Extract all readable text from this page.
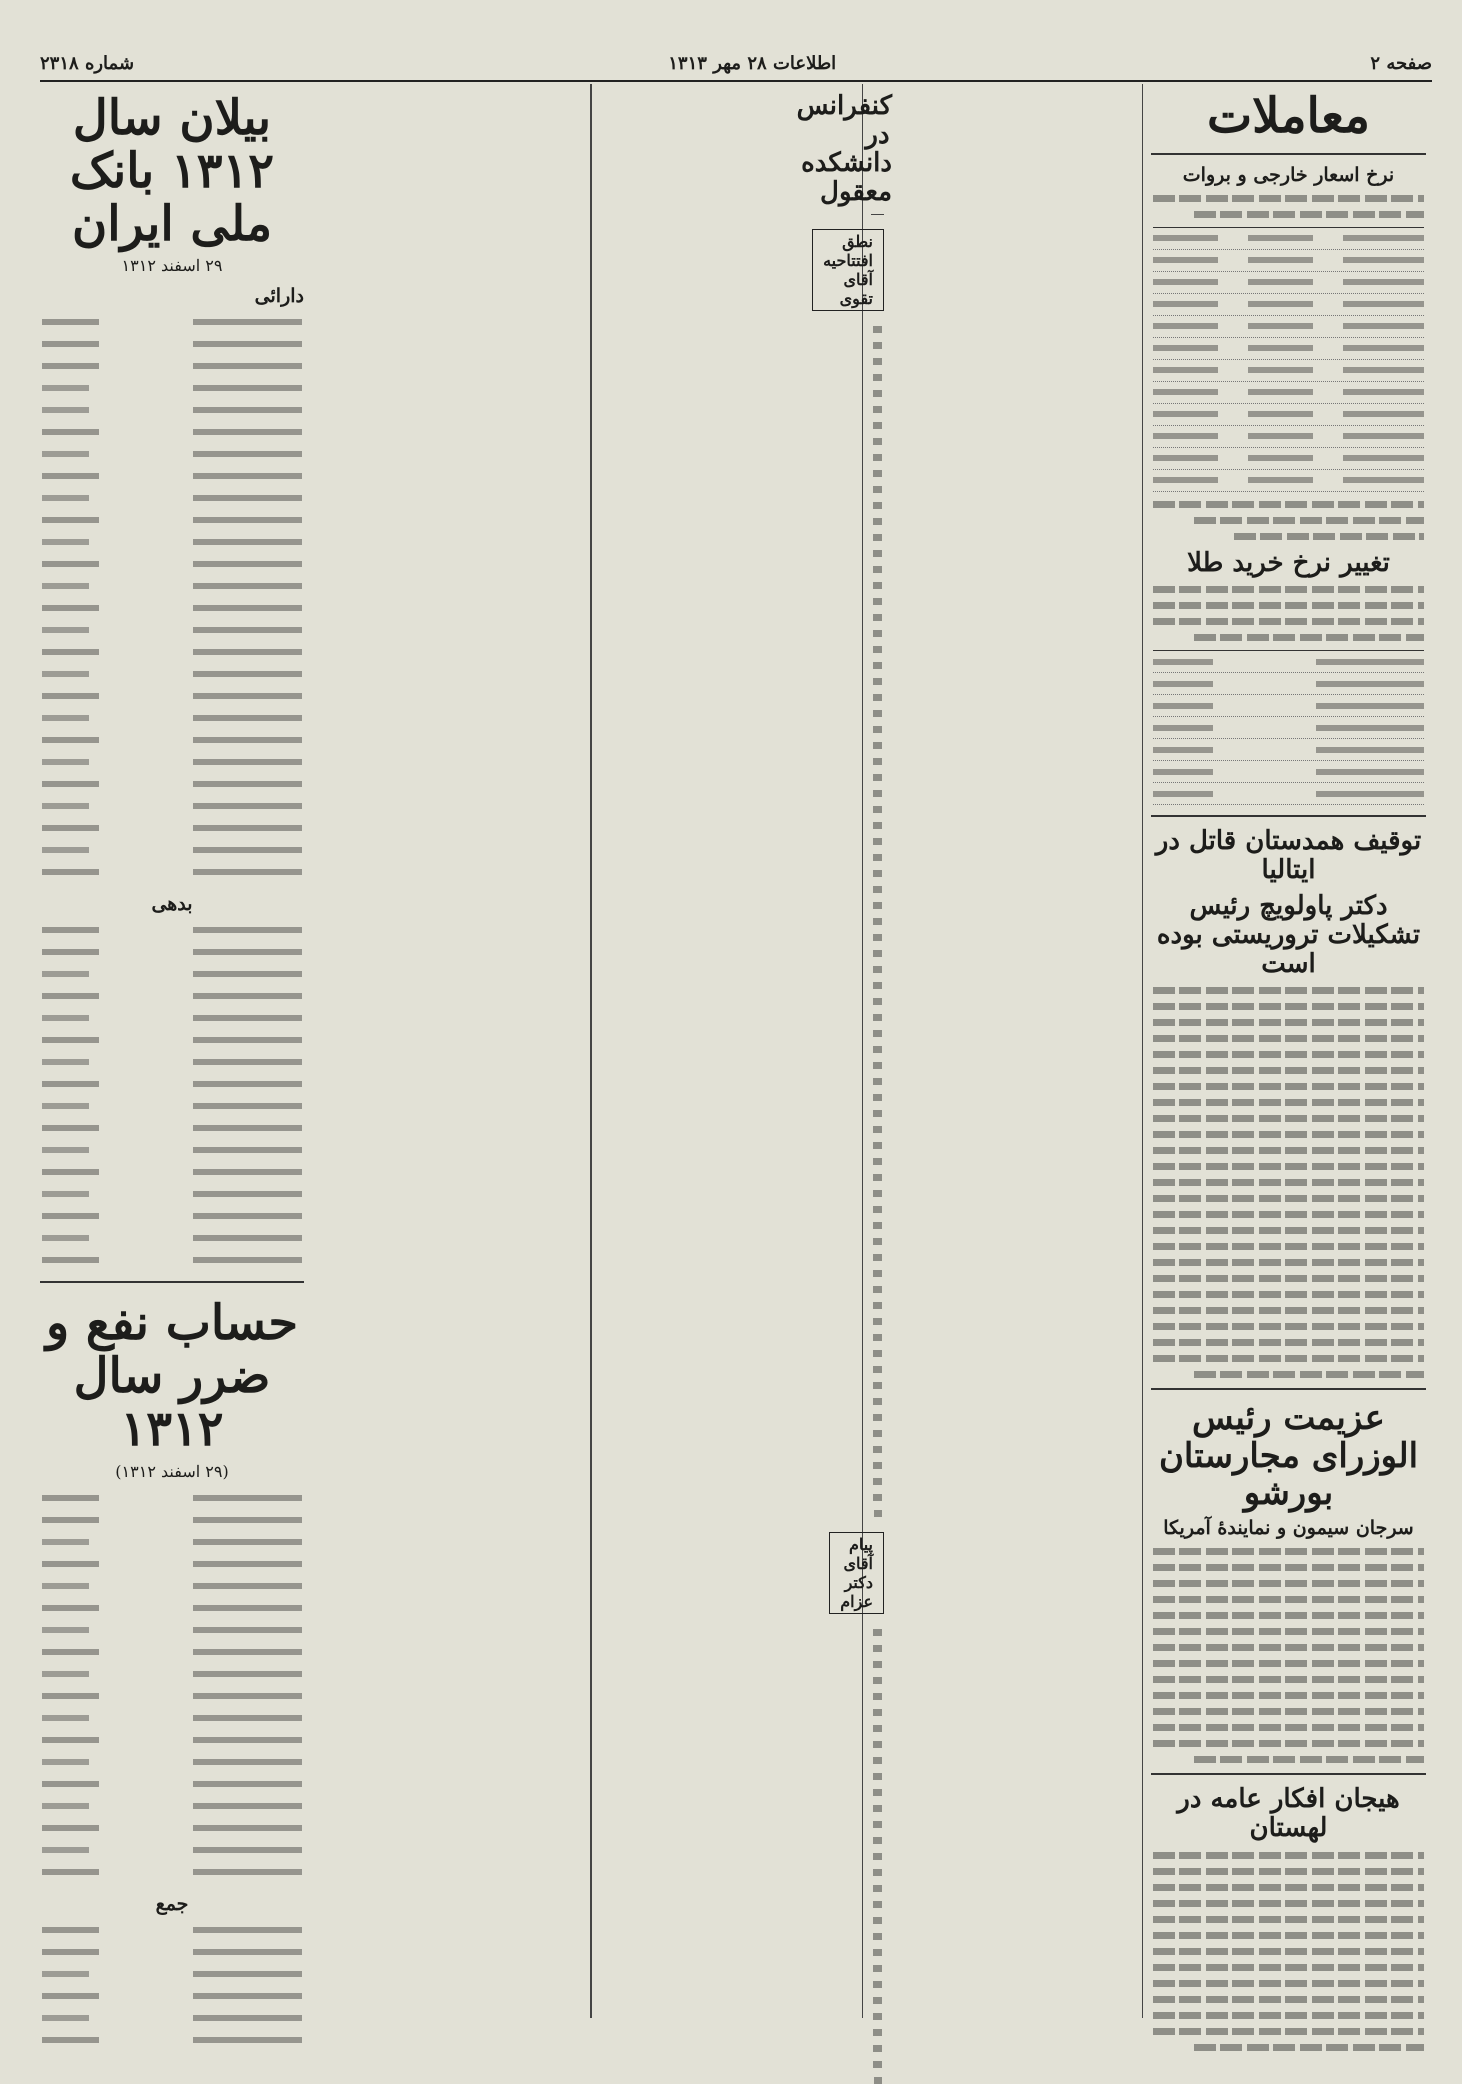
صفحه ۲
اطلاعات ۲۸ مهر ۱۳۱۳
شماره ۲۳۱۸
معاملات
نرخ اسعار خارجی و بروات
تغییر نرخ خرید طلا
توقیف همدستان قاتل در ایتالیا
دکتر پاولویچ رئیس تشکیلات تروریستی بوده است
عزیمت رئیس الوزرای مجارستان بورشو
سرجان سیمون و نمایندهٔ آمریکا
هیجان افکار عامه در لهستان
کنفرانس در دانشکده معقول
نطق افتتاحیه آقای تقوی
پیام آقای دکتر عزام
بیلان سال ۱۳۱۲ بانک ملی ایران
۲۹ اسفند ۱۳۱۲
دارائی
بدهی
حساب نفع و ضرر سال ۱۳۱۲
(۲۹ اسفند ۱۳۱۲)
جمع
